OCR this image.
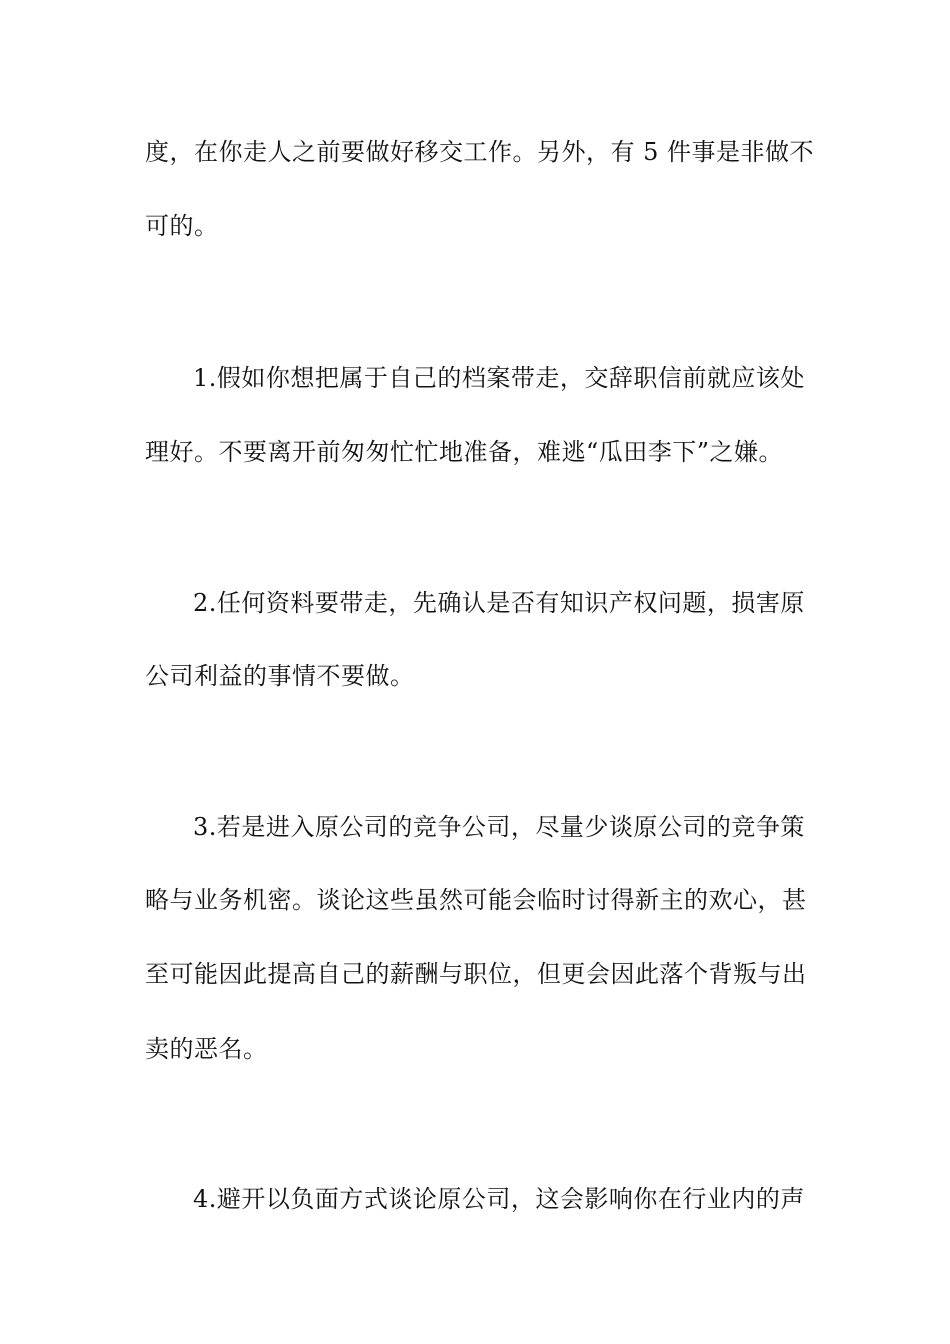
度，在你走人之前要做好移交工作。另外，有 5 件事是非做不
可的。
1.假如你想把属于自己的档案带走，交辞职信前就应该处
理好。不要离开前匆匆忙忙地准备，难逃“瓜田李下”之嫌。
2.任何资料要带走，先确认是否有知识产权问题，损害原
公司利益的事情不要做。
3.若是进入原公司的竞争公司，尽量少谈原公司的竞争策
略与业务机密。谈论这些虽然可能会临时讨得新主的欢心，甚
至可能因此提高自己的薪酬与职位，但更会因此落个背叛与出
卖的恶名。
4.避开以负面方式谈论原公司，这会影响你在行业内的声
